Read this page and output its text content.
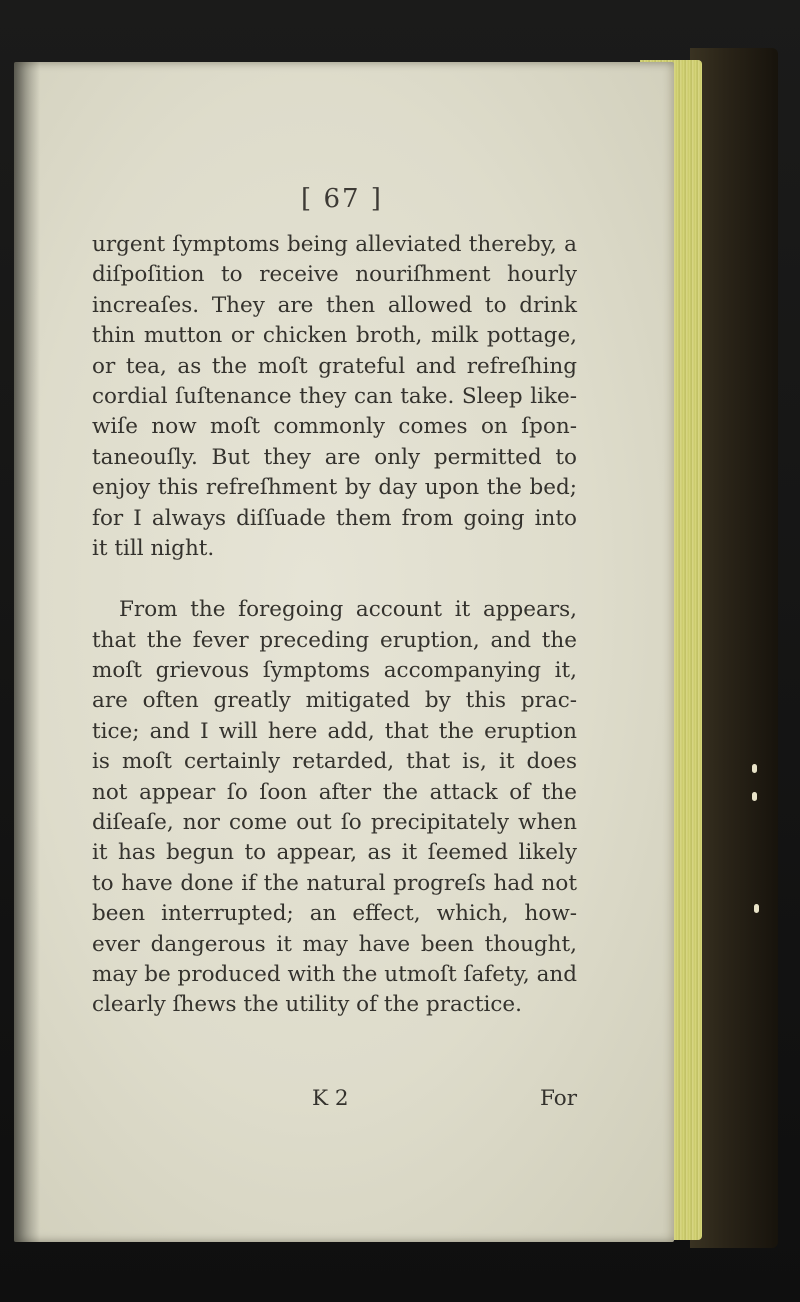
[ 67 ]

urgent ſymptoms being alleviated thereby, a
diſpoſition to receive nouriſhment hourly
increaſes. They are then allowed to drink
thin mutton or chicken broth, milk pottage,
or tea, as the moſt grateful and refreſhing
cordial ſuſtenance they can take. Sleep like-
wiſe now moſt commonly comes on ſpon-
taneouſly. But they are only permitted to
enjoy this refreſhment by day upon the bed;
for I always diſſuade them from going into
it till night.
From the foregoing account it appears,
that the fever preceding eruption, and the
moſt grievous ſymptoms accompanying it,
are often greatly mitigated by this prac-
tice; and I will here add, that the eruption
is moſt certainly retarded, that is, it does
not appear ſo ſoon after the attack of the
diſeaſe, nor come out ſo precipitately when
it has begun to appear, as it ſeemed likely
to have done if the natural progreſs had not
been interrupted; an effect, which, how-
ever dangerous it may have been thought,
may be produced with the utmoſt ſafety, and
clearly ſhews the utility of the practice.
K 2	For
